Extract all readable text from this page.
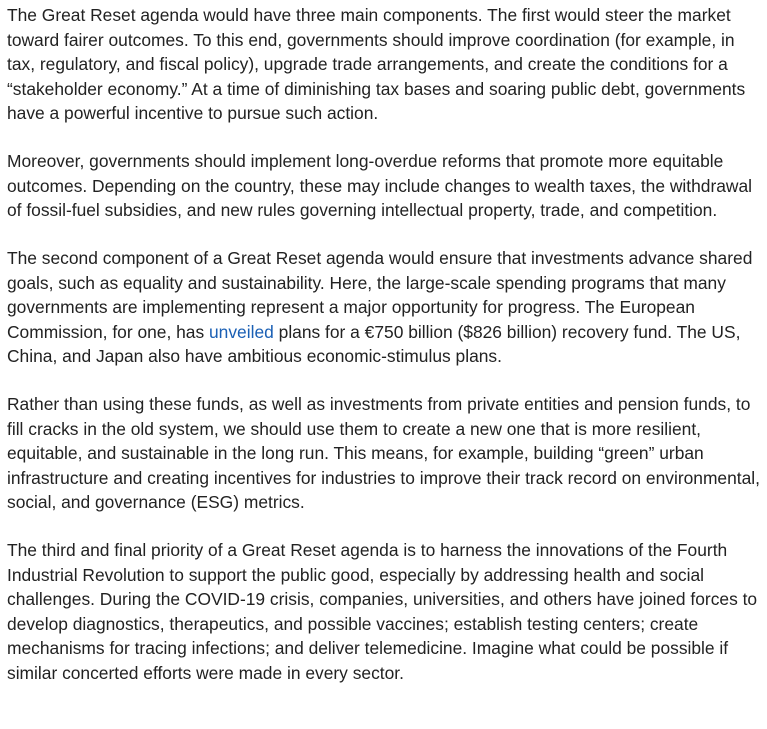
The Great Reset agenda would have three main components. The first would steer the market toward fairer outcomes. To this end, governments should improve coordination (for example, in tax, regulatory, and fiscal policy), upgrade trade arrangements, and create the conditions for a “stakeholder economy.” At a time of diminishing tax bases and soaring public debt, governments have a powerful incentive to pursue such action.

Moreover, governments should implement long-overdue reforms that promote more equitable outcomes. Depending on the country, these may include changes to wealth taxes, the withdrawal of fossil-fuel subsidies, and new rules governing intellectual property, trade, and competition.

The second component of a Great Reset agenda would ensure that investments advance shared goals, such as equality and sustainability. Here, the large-scale spending programs that many governments are implementing represent a major opportunity for progress. The European Commission, for one, has unveiled plans for a €750 billion ($826 billion) recovery fund. The US, China, and Japan also have ambitious economic-stimulus plans.

Rather than using these funds, as well as investments from private entities and pension funds, to fill cracks in the old system, we should use them to create a new one that is more resilient, equitable, and sustainable in the long run. This means, for example, building “green” urban infrastructure and creating incentives for industries to improve their track record on environmental, social, and governance (ESG) metrics.

The third and final priority of a Great Reset agenda is to harness the innovations of the Fourth Industrial Revolution to support the public good, especially by addressing health and social challenges. During the COVID-19 crisis, companies, universities, and others have joined forces to develop diagnostics, therapeutics, and possible vaccines; establish testing centers; create mechanisms for tracing infections; and deliver telemedicine. Imagine what could be possible if similar concerted efforts were made in every sector.
